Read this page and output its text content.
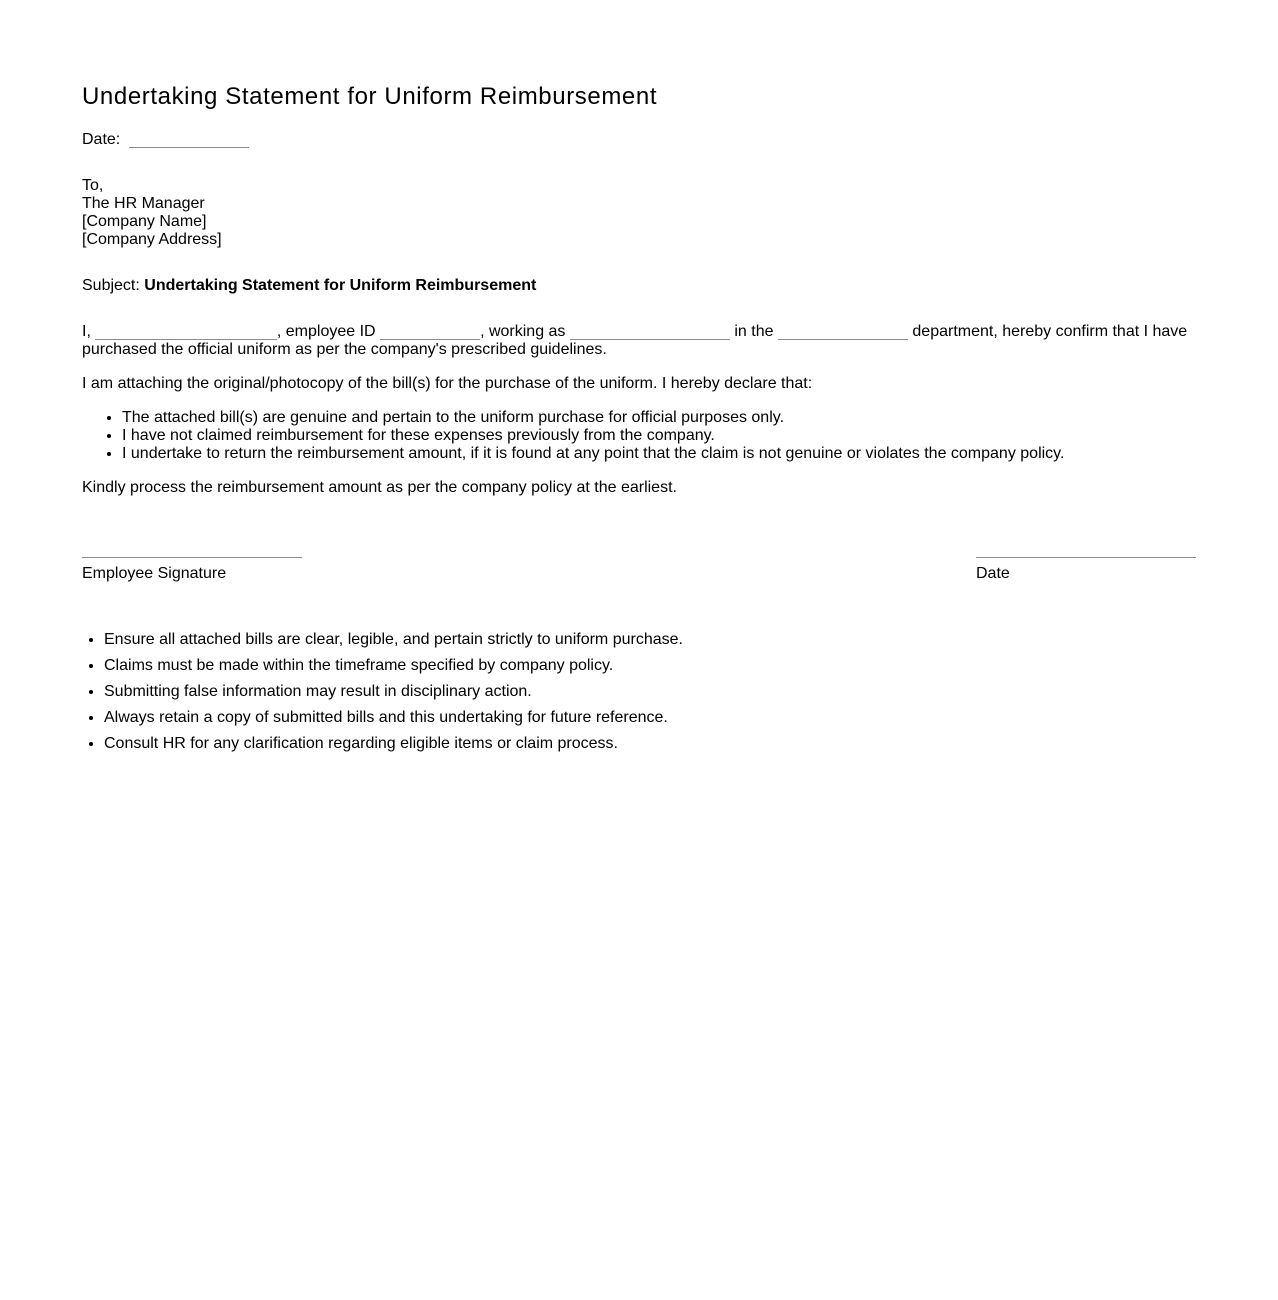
Undertaking Statement for Uniform Reimbursement
Date:
To,
The HR Manager
[Company Name]
[Company Address]
Subject: Undertaking Statement for Uniform Reimbursement
I,	, employee ID	, working as	in the	department, hereby confirm that I have purchased the official uniform as per the company's prescribed guidelines.
I am attaching the original/photocopy of the bill(s) for the purchase of the uniform. I hereby declare that:
• The attached bill(s) are genuine and pertain to the uniform purchase for official purposes only.
• I have not claimed reimbursement for these expenses previously from the company.
• I undertake to return the reimbursement amount, if it is found at any point that the claim is not genuine or violates the company policy.
Kindly process the reimbursement amount as per the company policy at the earliest.
Employee Signature	Date
• Ensure all attached bills are clear, legible, and pertain strictly to uniform purchase.
• Claims must be made within the timeframe specified by company policy.
• Submitting false information may result in disciplinary action.
• Always retain a copy of submitted bills and this undertaking for future reference.
• Consult HR for any clarification regarding eligible items or claim process.
